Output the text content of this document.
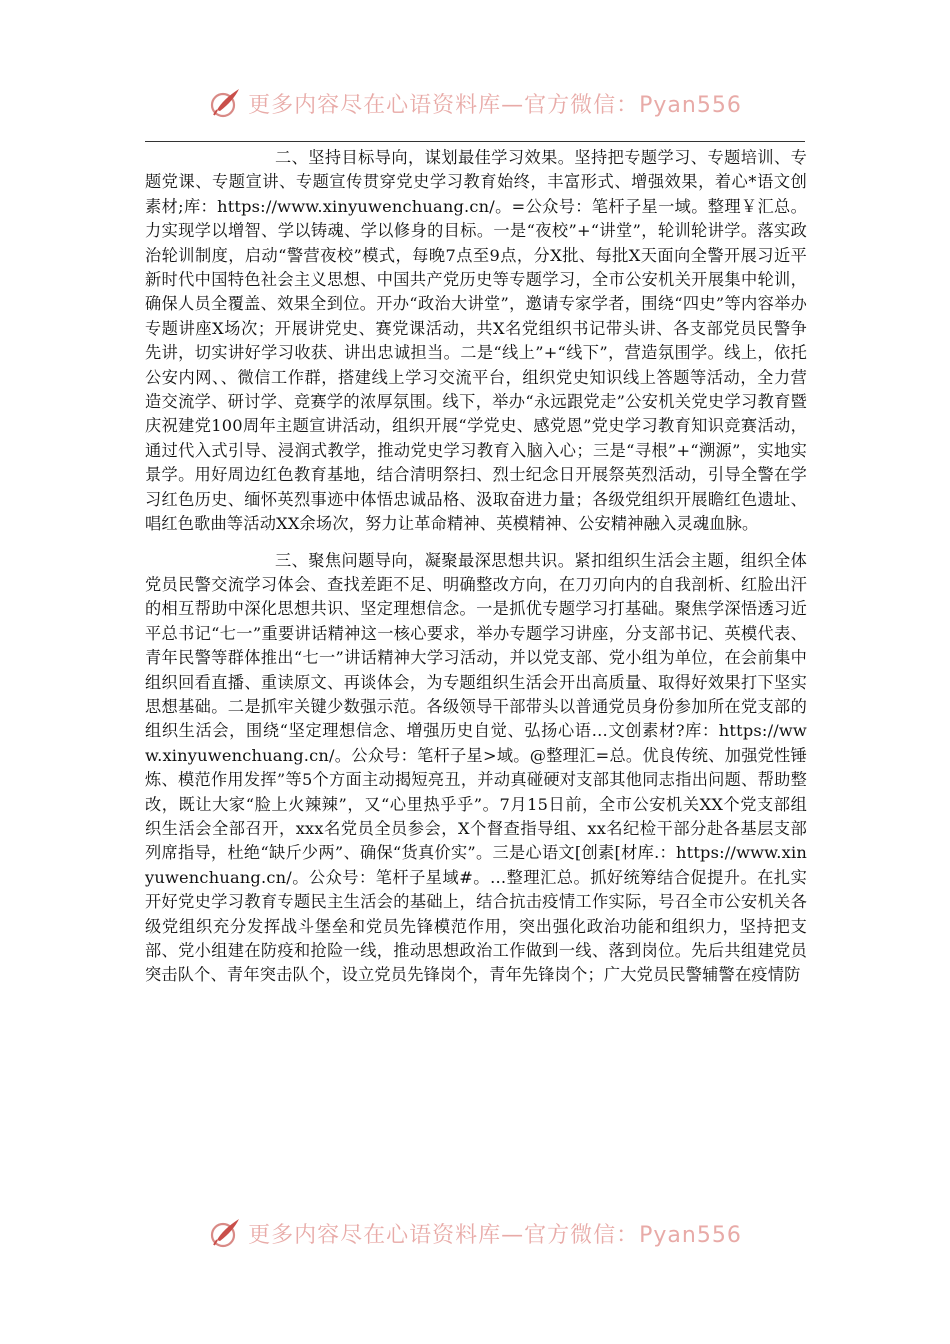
更多内容尽在心语资料库—官方微信：Pyan556

二、坚持目标导向，谋划最佳学习效果。坚持把专题学习、专题培训、专题党课、专题宣讲、专题宣传贯穿党史学习教育始终，丰富形式、增强效果，着心*语文创素材;库：https://www.xinyuwenchuang.cn/。=公众号：笔杆子星一域。整理￥汇总。力实现学以增智、学以铸魂、学以修身的目标。一是“夜校”+“讲堂”，轮训轮讲学。落实政治轮训制度，启动“警营夜校”模式，每晚7点至9点，分X批、每批X天面向全警开展习近平新时代中国特色社会主义思想、中国共产党历史等专题学习，全市公安机关开展集中轮训，确保人员全覆盖、效果全到位。开办“政治大讲堂”，邀请专家学者，围绕“四史”等内容举办专题讲座X场次；开展讲党史、赛党课活动，共X名党组织书记带头讲、各支部党员民警争先讲，切实讲好学习收获、讲出忠诚担当。二是“线上”+“线下”，营造氛围学。线上，依托公安内网、、微信工作群，搭建线上学习交流平台，组织党史知识线上答题等活动，全力营造交流学、研讨学、竞赛学的浓厚氛围。线下，举办“永远跟党走”公安机关党史学习教育暨庆祝建党100周年主题宣讲活动，组织开展“学党史、感党恩”党史学习教育知识竞赛活动，通过代入式引导、浸润式教学，推动党史学习教育入脑入心；三是“寻根”+“溯源”，实地实景学。用好周边红色教育基地，结合清明祭扫、烈士纪念日开展祭英烈活动，引导全警在学习红色历史、缅怀英烈事迹中体悟忠诚品格、汲取奋进力量；各级党组织开展瞻红色遗址、唱红色歌曲等活动XX余场次，努力让革命精神、英模精神、公安精神融入灵魂血脉。

三、聚焦问题导向，凝聚最深思想共识。紧扣组织生活会主题，组织全体党员民警交流学习体会、查找差距不足、明确整改方向，在刀刃向内的自我剖析、红脸出汗的相互帮助中深化思想共识、坚定理想信念。一是抓优专题学习打基础。聚焦学深悟透习近平总书记“七一”重要讲话精神这一核心要求，举办专题学习讲座，分支部书记、英模代表、青年民警等群体推出“七一”讲话精神大学习活动，并以党支部、党小组为单位，在会前集中组织回看直播、重读原文、再谈体会，为专题组织生活会开出高质量、取得好效果打下坚实思想基础。二是抓牢关键少数强示范。各级领导干部带头以普通党员身份参加所在党支部的组织生活会，围绕“坚定理想信念、增强历史自觉、弘扬心语…文创素材?库：https://www.xinyuwenchuang.cn/。公众号：笔杆子星>域。@整理汇=总。优良传统、加强党性锤炼、模范作用发挥”等5个方面主动揭短亮丑，并动真碰硬对支部其他同志指出问题、帮助整改，既让大家“脸上火辣辣”，又“心里热乎乎”。7月15日前，全市公安机关XX个党支部组织生活会全部召开，xxx名党员全员参会，X个督查指导组、xx名纪检干部分赴各基层支部列席指导，杜绝“缺斤少两”、确保“货真价实”。三是心语文[创素[材库.：https://www.xinyuwenchuang.cn/。公众号：笔杆子星域#。…整理汇总。抓好统筹结合促提升。在扎实开好党史学习教育专题民主生活会的基础上，结合抗击疫情工作实际，号召全市公安机关各级党组织充分发挥战斗堡垒和党员先锋模范作用，突出强化政治功能和组织力，坚持把支部、党小组建在防疫和抢险一线，推动思想政治工作做到一线、落到岗位。先后共组建党员突击队个、青年突击队个，设立党员先锋岗个，青年先锋岗个；广大党员民警辅警在疫情防

更多内容尽在心语资料库—官方微信：Pyan556
